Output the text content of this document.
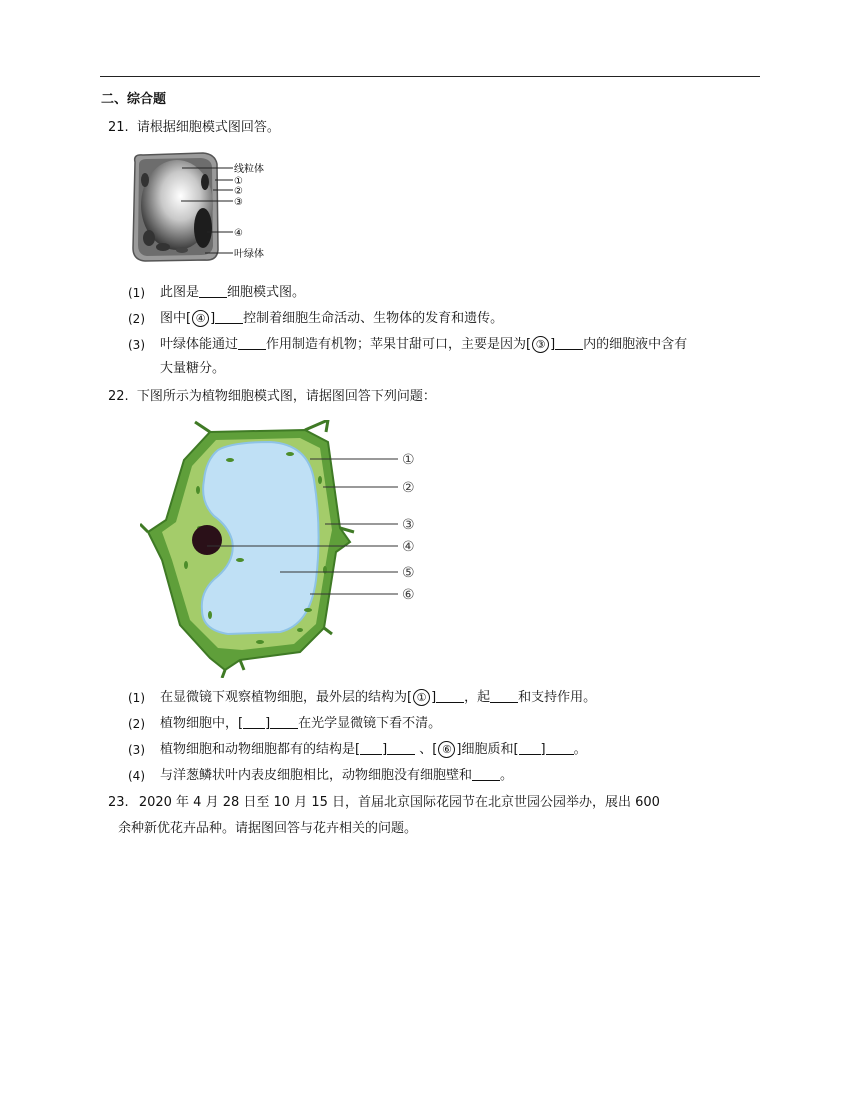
二、综合题
21. 请根据细胞模式图回答。
线粒体
①
②
③
④
叶绿体
(1) 此图是 细胞模式图。
(2) 图中[ ④ ] 控制着细胞生命活动、生物体的发育和遗传。
(3) 叶绿体能通过 作用制造有机物；苹果甘甜可口，主要是因为[ ③ ] 内的细胞液中含有
大量糖分。
22. 下图所示为植物细胞模式图，请据图回答下列问题：
①
②
③
④
⑤
⑥
(1) 在显微镜下观察植物细胞，最外层的结构为[ ① ] ，起 和支持作用。
(2) 植物细胞中，[ ] 在光学显微镜下看不清。
(3) 植物细胞和动物细胞都有的结构是[ ] 、[ ⑥ ]细胞质和[ ] 。
(4) 与洋葱鳞状叶内表皮细胞相比，动物细胞没有细胞壁和 。
23. 2020 年 4 月 28 日至 10 月 15 日，首届北京国际花园节在北京世园公园举办，展出 600
余种新优花卉品种。请据图回答与花卉相关的问题。
